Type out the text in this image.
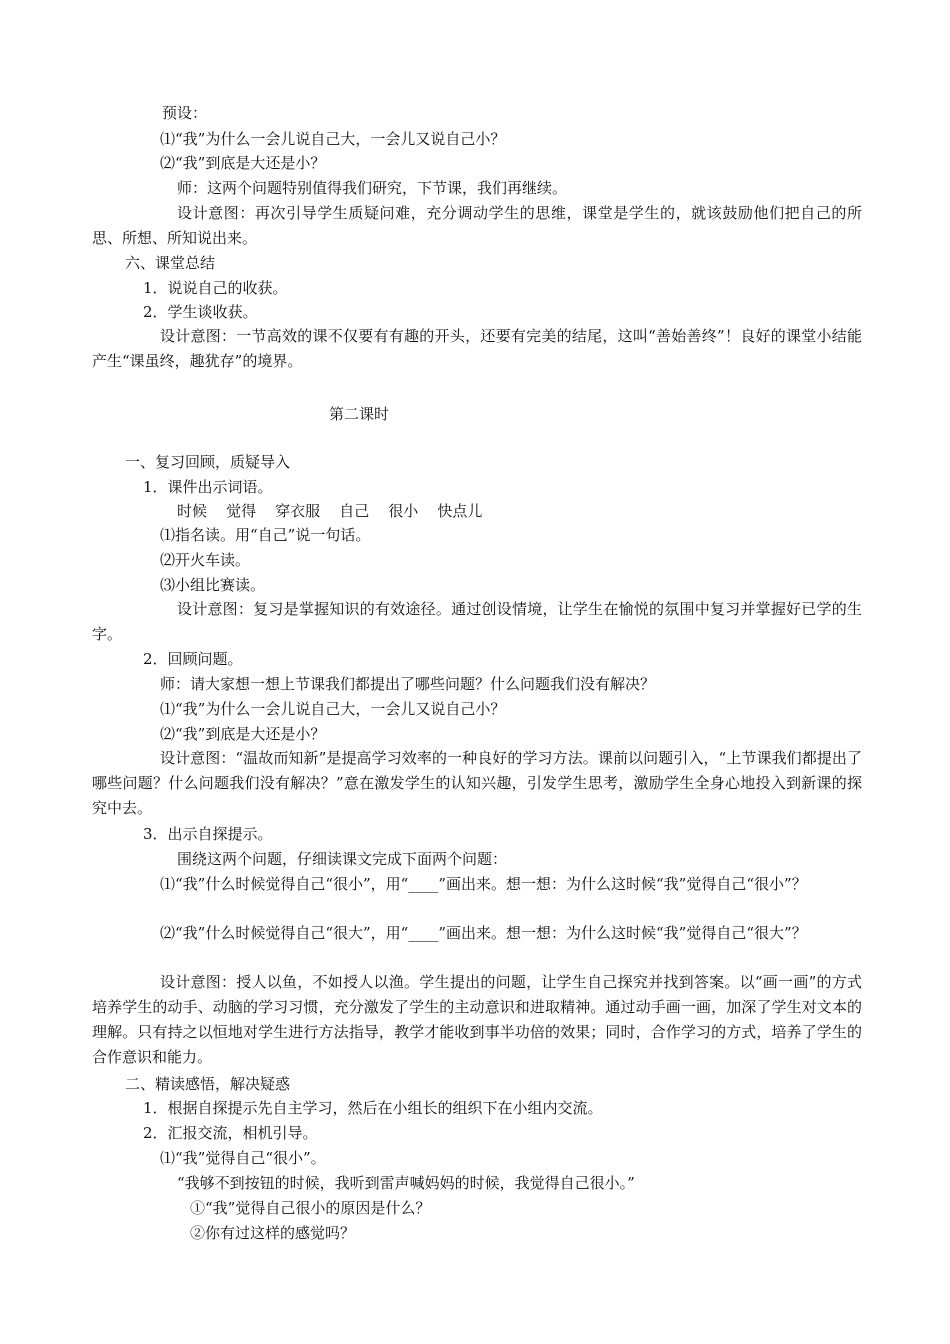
预设：
⑴“我”为什么一会儿说自己大，一会儿又说自己小？
⑵“我”到底是大还是小？
师：这两个问题特别值得我们研究，下节课，我们再继续。
设计意图：再次引导学生质疑问难，充分调动学生的思维，课堂是学生的，就该鼓励他们把自己的所思、所想、所知说出来。
六、课堂总结
1．说说自己的收获。
2．学生谈收获。
设计意图：一节高效的课不仅要有有趣的开头，还要有完美的结尾，这叫“善始善终”！良好的课堂小结能产生“课虽终，趣犹存”的境界。
第二课时
一、复习回顾，质疑导入
1．课件出示词语。
时候    觉得    穿衣服    自己    很小    快点儿
⑴指名读。用“自己”说一句话。
⑵开火车读。
⑶小组比赛读。
设计意图：复习是掌握知识的有效途径。通过创设情境，让学生在愉悦的氛围中复习并掌握好已学的生字。
2．回顾问题。
师：请大家想一想上节课我们都提出了哪些问题？什么问题我们没有解决？
⑴“我”为什么一会儿说自己大，一会儿又说自己小？
⑵“我”到底是大还是小？
设计意图：“温故而知新”是提高学习效率的一种良好的学习方法。课前以问题引入，“上节课我们都提出了哪些问题？什么问题我们没有解决？”意在激发学生的认知兴趣，引发学生思考，激励学生全身心地投入到新课的探究中去。
3．出示自探提示。
围绕这两个问题，仔细读课文完成下面两个问题：
⑴“我”什么时候觉得自己“很小”，用“____”画出来。想一想：为什么这时候“我”觉得自己“很小”？
⑵“我”什么时候觉得自己“很大”，用“____”画出来。想一想：为什么这时候“我”觉得自己“很大”？
设计意图：授人以鱼，不如授人以渔。学生提出的问题，让学生自己探究并找到答案。以“画一画”的方式培养学生的动手、动脑的学习习惯，充分激发了学生的主动意识和进取精神。通过动手画一画，加深了学生对文本的理解。只有持之以恒地对学生进行方法指导，教学才能收到事半功倍的效果；同时，合作学习的方式，培养了学生的合作意识和能力。
二、精读感悟，解决疑惑
1．根据自探提示先自主学习，然后在小组长的组织下在小组内交流。
2．汇报交流，相机引导。
⑴“我”觉得自己“很小”。
“我够不到按钮的时候，我听到雷声喊妈妈的时候，我觉得自己很小。”
①“我”觉得自己很小的原因是什么？
②你有过这样的感觉吗？
